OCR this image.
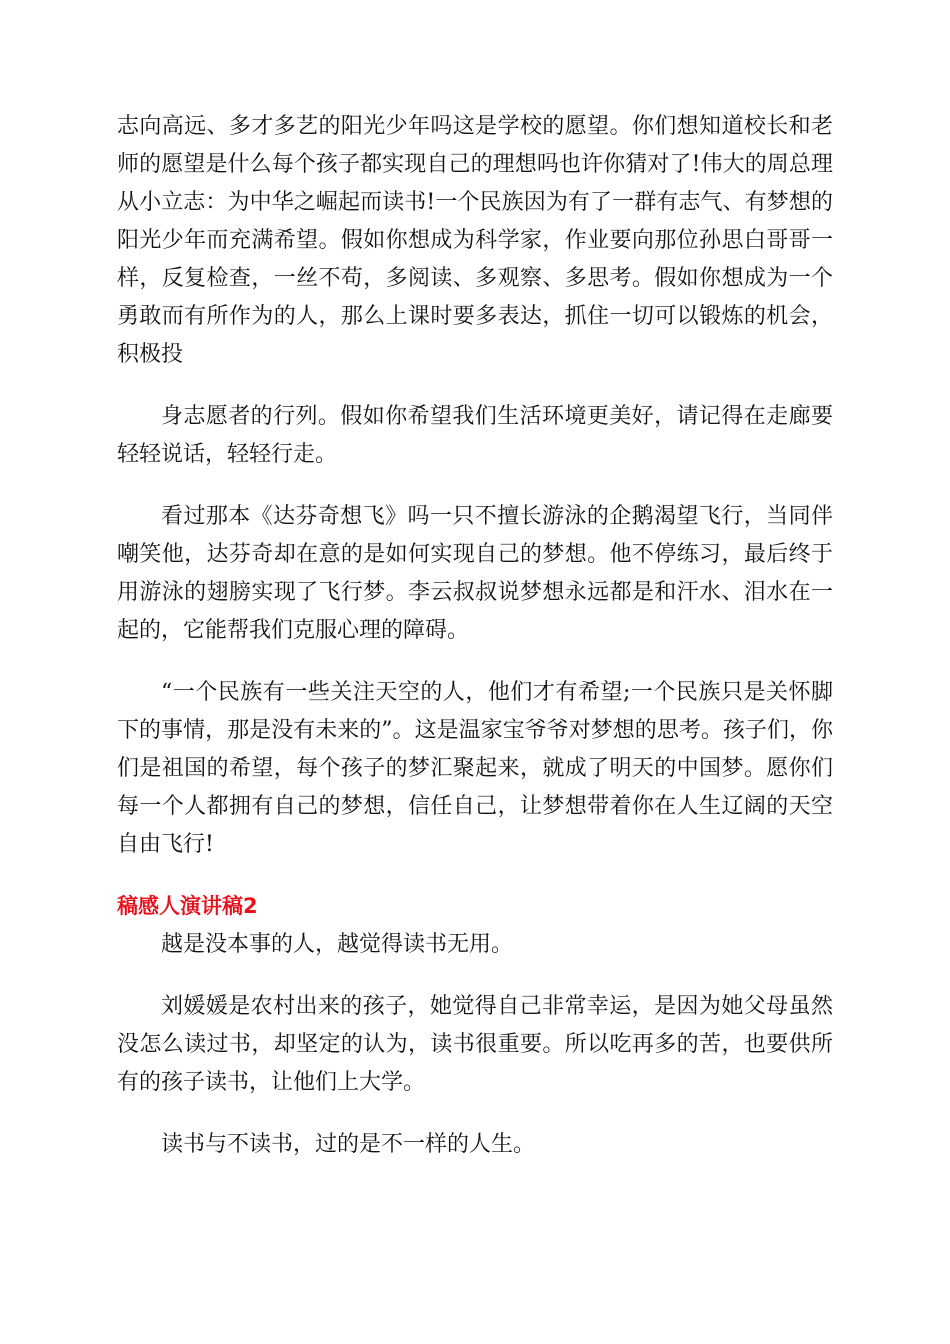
志向高远、多才多艺的阳光少年吗这是学校的愿望。你们想知道校长和老师的愿望是什么每个孩子都实现自己的理想吗也许你猜对了!伟大的周总理从小立志：为中华之崛起而读书!一个民族因为有了一群有志气、有梦想的阳光少年而充满希望。假如你想成为科学家，作业要向那位孙思白哥哥一样，反复检查，一丝不苟，多阅读、多观察、多思考。假如你想成为一个勇敢而有所作为的人，那么上课时要多表达，抓住一切可以锻炼的机会，积极投

身志愿者的行列。假如你希望我们生活环境更美好，请记得在走廊要轻轻说话，轻轻行走。

看过那本《达芬奇想飞》吗一只不擅长游泳的企鹅渴望飞行，当同伴嘲笑他，达芬奇却在意的是如何实现自己的梦想。他不停练习，最后终于用游泳的翅膀实现了飞行梦。李云叔叔说梦想永远都是和汗水、泪水在一起的，它能帮我们克服心理的障碍。

“一个民族有一些关注天空的人，他们才有希望;一个民族只是关怀脚下的事情，那是没有未来的”。这是温家宝爷爷对梦想的思考。孩子们，你们是祖国的希望，每个孩子的梦汇聚起来，就成了明天的中国梦。愿你们每一个人都拥有自己的梦想，信任自己，让梦想带着你在人生辽阔的天空自由飞行!

稿感人演讲稿2

越是没本事的人，越觉得读书无用。

刘媛媛是农村出来的孩子，她觉得自己非常幸运，是因为她父母虽然没怎么读过书，却坚定的认为，读书很重要。所以吃再多的苦，也要供所有的孩子读书，让他们上大学。

读书与不读书，过的是不一样的人生。
